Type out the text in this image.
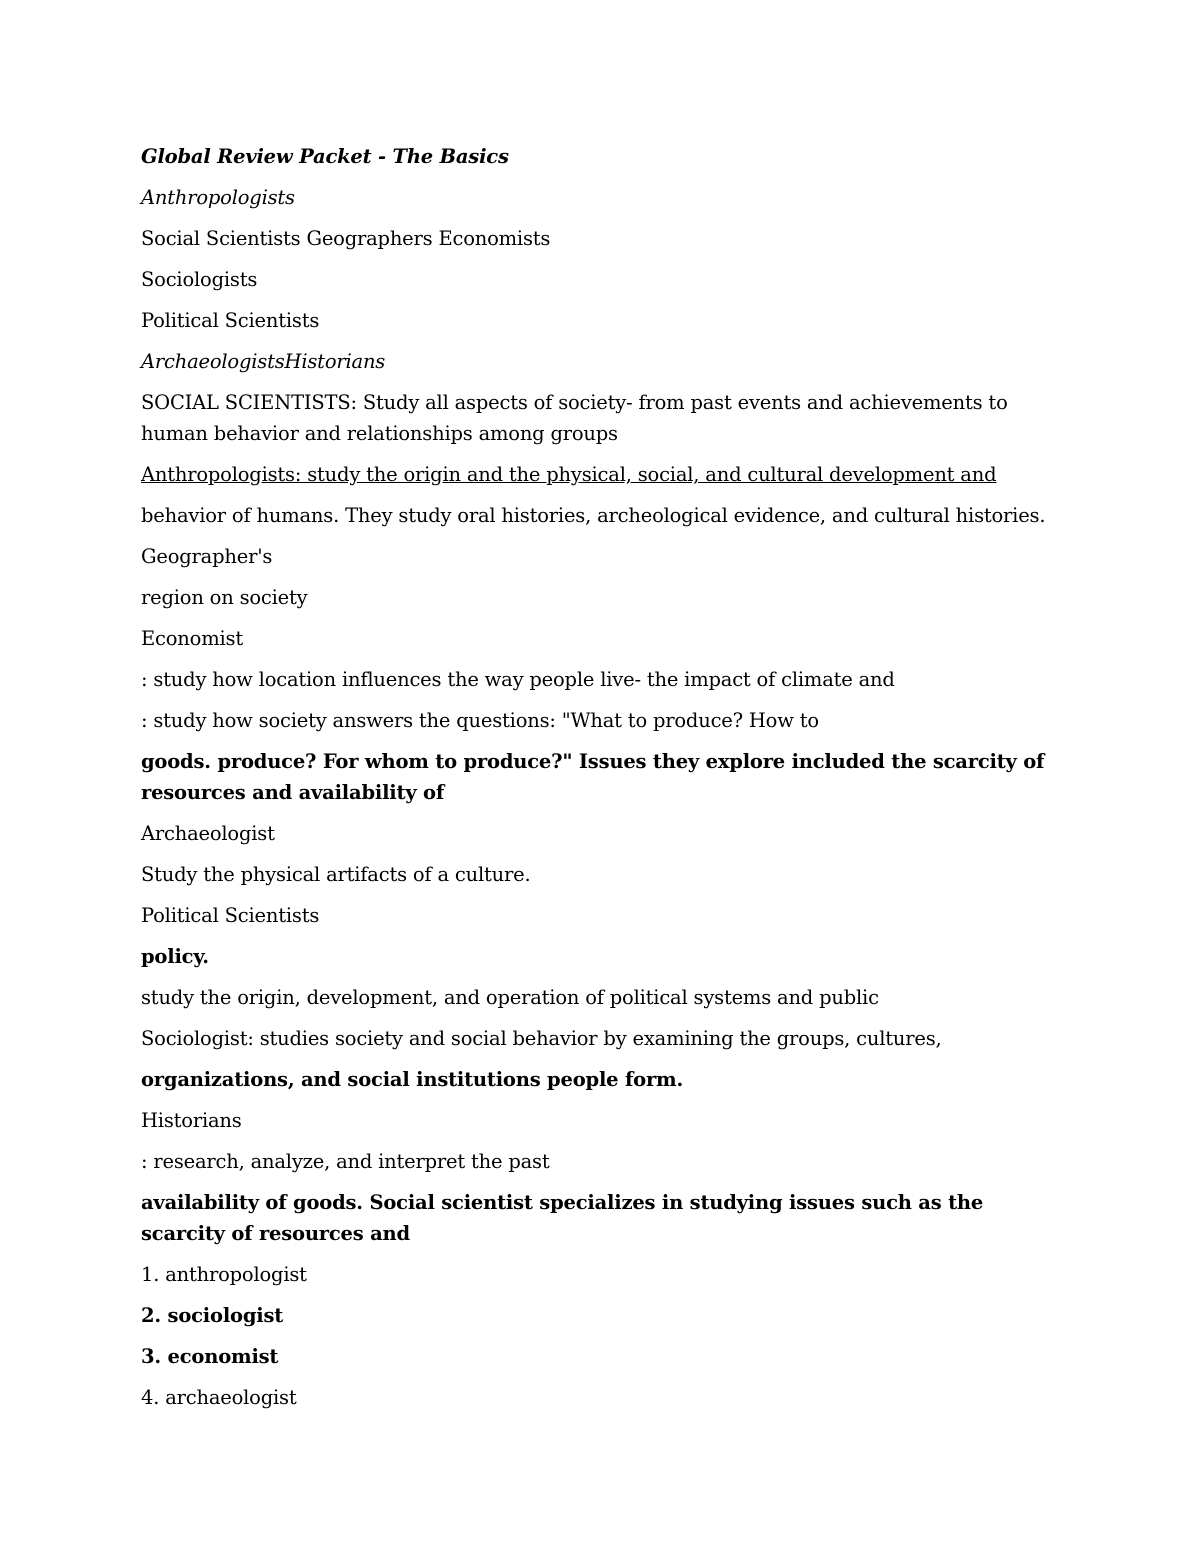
Global Review Packet - The Basics

Anthropologists

Social Scientists Geographers Economists

Sociologists

Political Scientists

ArchaeologistsHistorians

SOCIAL SCIENTISTS: Study all aspects of society- from past events and achievements to human behavior and relationships among groups

Anthropologists: study the origin and the physical, social, and cultural development and

behavior of humans. They study oral histories, archeological evidence, and cultural histories.

Geographer's

region on society

Economist

: study how location influences the way people live- the impact of climate and

: study how society answers the questions: "What to produce? How to

goods. produce? For whom to produce?" Issues they explore included the scarcity of resources and availability of

Archaeologist

Study the physical artifacts of a culture.

Political Scientists

policy.

study the origin, development, and operation of political systems and public

Sociologist: studies society and social behavior by examining the groups, cultures,

organizations, and social institutions people form.

Historians

: research, analyze, and interpret the past

availability of goods. Social scientist specializes in studying issues such as the scarcity of resources and

1. anthropologist

2. sociologist

3. economist

4. archaeologist
